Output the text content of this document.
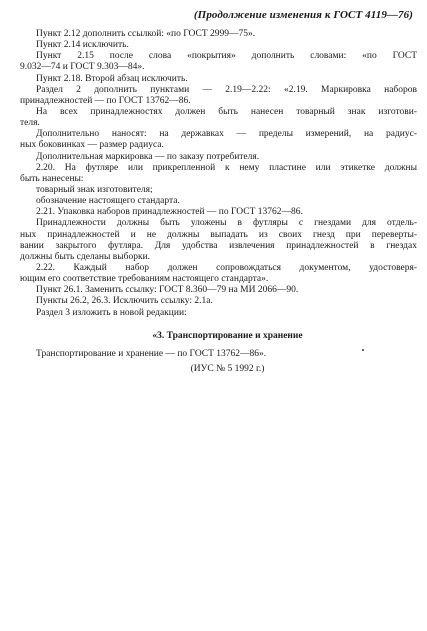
(Продолжение изменения к ГОСТ 4119—76)
Пункт 2.12 дополнить ссылкой: «по ГОСТ 2999—75».
Пункт 2.14 исключить.
Пункт 2.15 после слова «покрытия» дополнить словами: «по ГОСТ
9.032—74 и ГОСТ 9.303—84».
Пункт 2.18. Второй абзац исключить.
Раздел 2 дополнить пунктами — 2.19—2.22: «2.19. Маркировка наборов
принадлежностей — по ГОСТ 13762—86.
На всех принадлежностях должен быть нанесен товарный знак изготови-
теля.
Дополнительно наносят: на державках — пределы измерений, на радиус-
ных боковинках — размер радиуса.
Дополнительная маркировка — по заказу потребителя.
2.20. На футляре или прикрепленной к нему пластине или этикетке должны
быть нанесены:
товарный знак изготовителя;
обозначение настоящего стандарта.
2.21. Упаковка наборов принадлежностей — по ГОСТ 13762—86.
Принадлежности должны быть уложены в футляры с гнездами для отдель-
ных принадлежностей и не должны выпадать из своих гнезд при переверты-
вании закрытого футляра. Для удобства извлечения принадлежностей в гнездах
должны быть сделаны выборки.
2.22. Каждый набор должен сопровождаться документом, удостоверя-
ющим его соответствие требованиям настоящего стандарта».
Пункт 26.1. Заменить ссылку: ГОСТ 8.360—79 на МИ 2066—90.
Пункты 26.2, 26.3. Исключить ссылку: 2.1а.
Раздел 3 изложить в новой редакции:
«3. Транспортирование и хранение
Транспортирование и хранение — по ГОСТ 13762—86».
(ИУС № 5 1992 г.)
